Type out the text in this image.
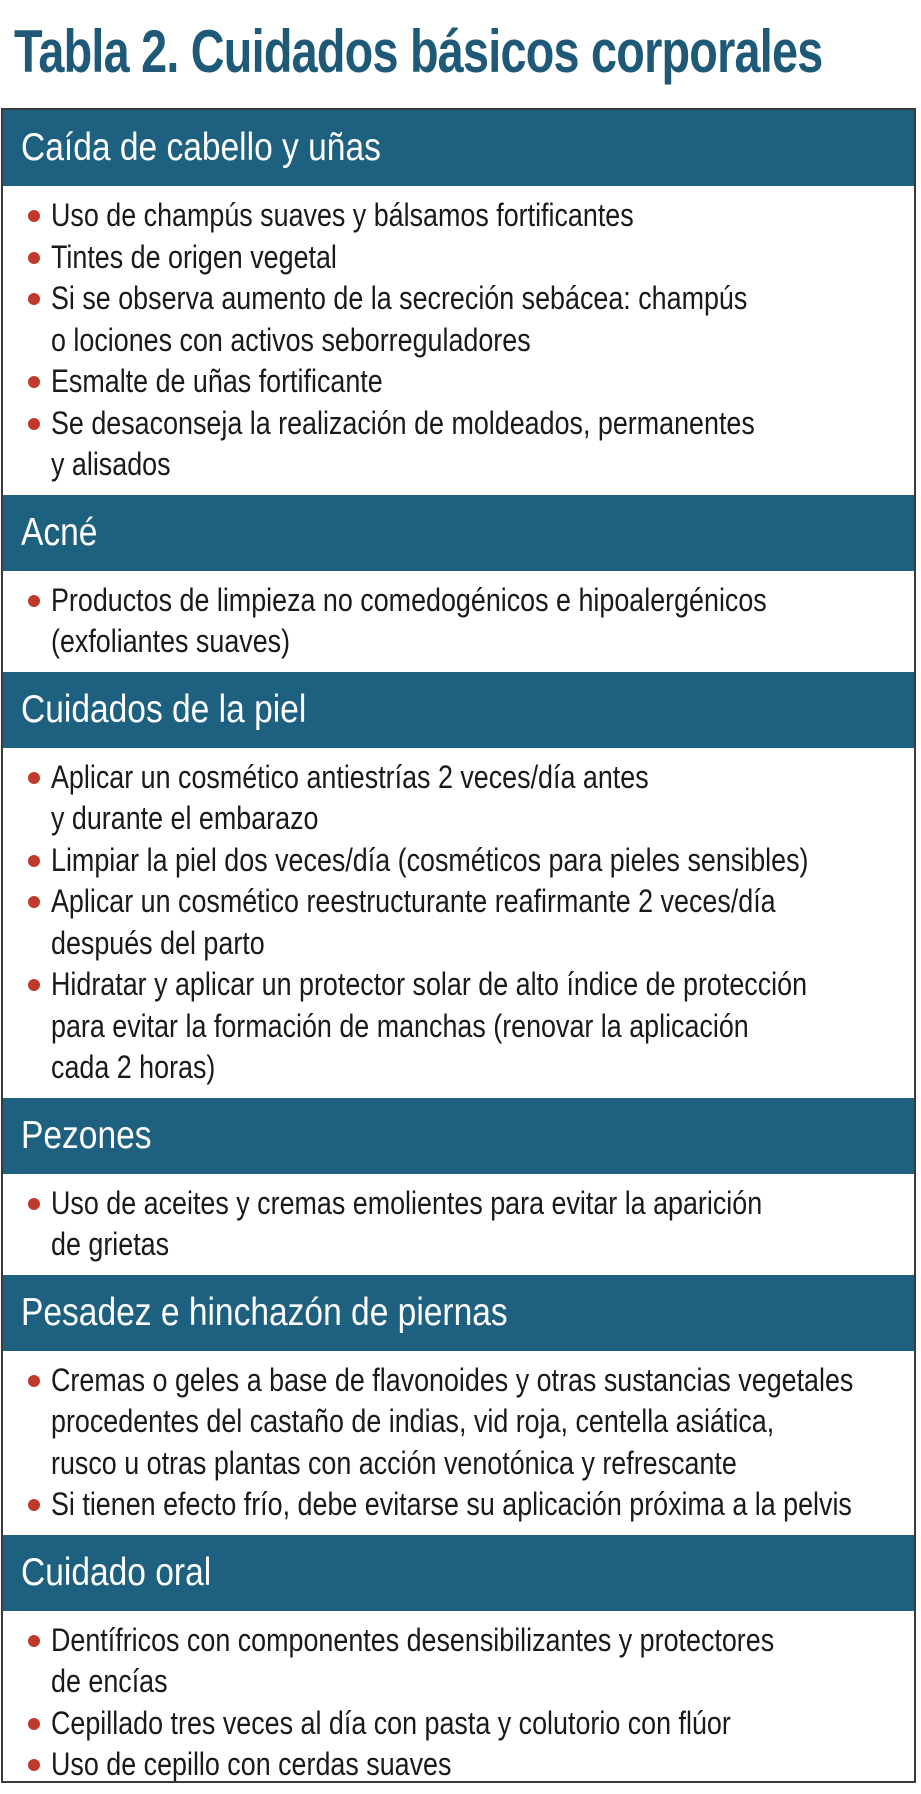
Tabla 2. Cuidados básicos corporales
Caída de cabello y uñas
Uso de champús suaves y bálsamos fortificantes
Tintes de origen vegetal
Si se observa aumento de la secreción sebácea: champús
o lociones con activos seborreguladores
Esmalte de uñas fortificante
Se desaconseja la realización de moldeados, permanentes
y alisados
Acné
Productos de limpieza no comedogénicos e hipoalergénicos
(exfoliantes suaves)
Cuidados de la piel
Aplicar un cosmético antiestrías 2 veces/día antes
y durante el embarazo
Limpiar la piel dos veces/día (cosméticos para pieles sensibles)
Aplicar un cosmético reestructurante reafirmante 2 veces/día
después del parto
Hidratar y aplicar un protector solar de alto índice de protección
para evitar la formación de manchas (renovar la aplicación
cada 2 horas)
Pezones
Uso de aceites y cremas emolientes para evitar la aparición
de grietas
Pesadez e hinchazón de piernas
Cremas o geles a base de flavonoides y otras sustancias vegetales
procedentes del castaño de indias, vid roja, centella asiática,
rusco u otras plantas con acción venotónica y refrescante
Si tienen efecto frío, debe evitarse su aplicación próxima a la pelvis
Cuidado oral
Dentífricos con componentes desensibilizantes y protectores
de encías
Cepillado tres veces al día con pasta y colutorio con flúor
Uso de cepillo con cerdas suaves
